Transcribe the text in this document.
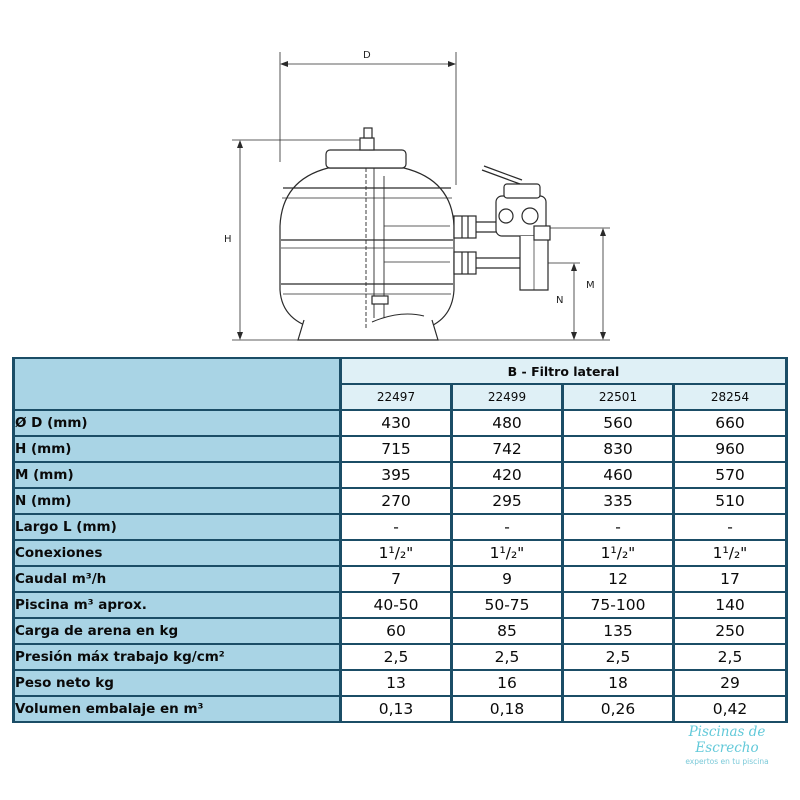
D
H
M
N
	B - Filtro lateral			
	22497	22499	22501	28254
Ø D (mm)	430	480	560	660
H (mm)	715	742	830	960
M (mm)	395	420	460	570
N (mm)	270	295	335	510
Largo L (mm)	-	-	-	-
Conexiones	1¹/₂"	1¹/₂"	1¹/₂"	1¹/₂"
Caudal m³/h	7	9	12	17
Piscina m³ aprox.	40-50	50-75	75-100	140
Carga de arena en kg	60	85	135	250
Presión máx trabajo kg/cm²	2,5	2,5	2,5	2,5
Peso neto kg	13	16	18	29
Volumen embalaje en m³	0,13	0,18	0,26	0,42
Piscinas de Escrecho
expertos en tu piscina
